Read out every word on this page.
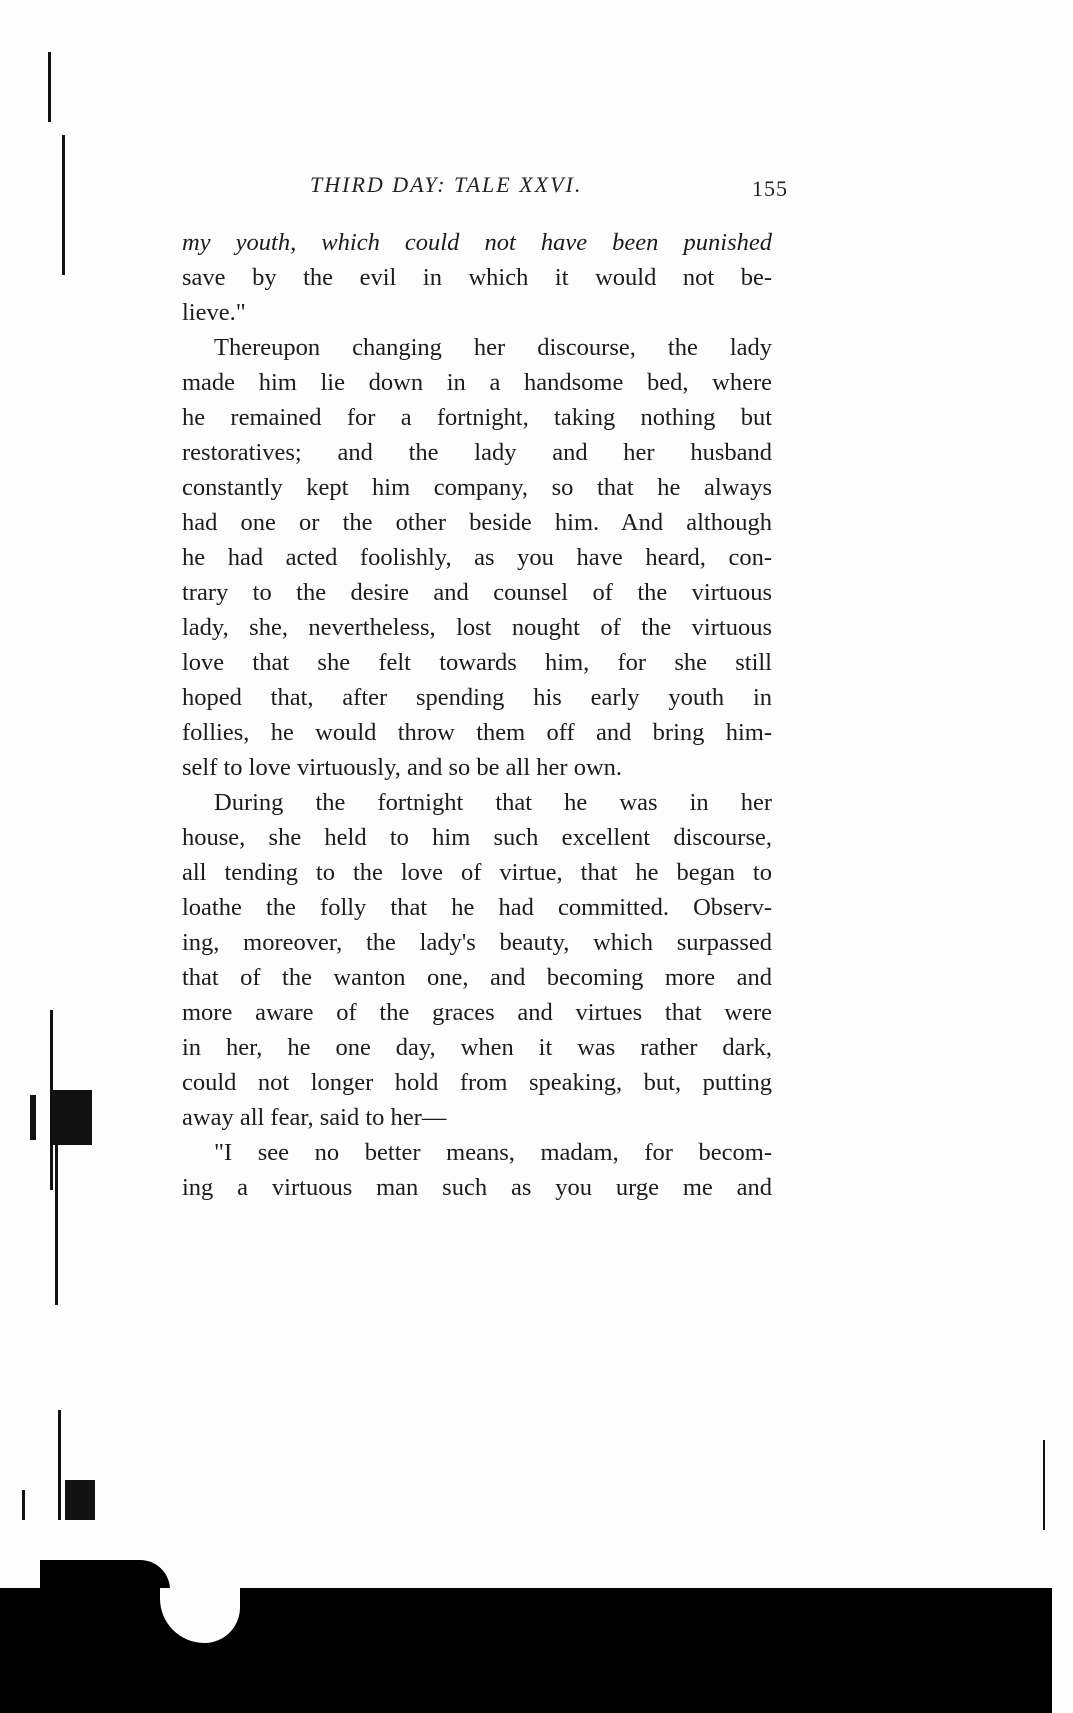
THIRD DAY: TALE XXVI.	155
my youth, which could not have been punished
save by the evil in which it would not be-
lieve."
Thereupon changing her discourse, the lady
made him lie down in a handsome bed, where
he remained for a fortnight, taking nothing but
restoratives; and the lady and her husband
constantly kept him company, so that he always
had one or the other beside him. And although
he had acted foolishly, as you have heard, con-
trary to the desire and counsel of the virtuous
lady, she, nevertheless, lost nought of the virtuous
love that she felt towards him, for she still
hoped that, after spending his early youth in
follies, he would throw them off and bring him-
self to love virtuously, and so be all her own.
During the fortnight that he was in her
house, she held to him such excellent discourse,
all tending to the love of virtue, that he began to
loathe the folly that he had committed. Observ-
ing, moreover, the lady's beauty, which surpassed
that of the wanton one, and becoming more and
more aware of the graces and virtues that were
in her, he one day, when it was rather dark,
could not longer hold from speaking, but, putting
away all fear, said to her—
"I see no better means, madam, for becom-
ing a virtuous man such as you urge me and
